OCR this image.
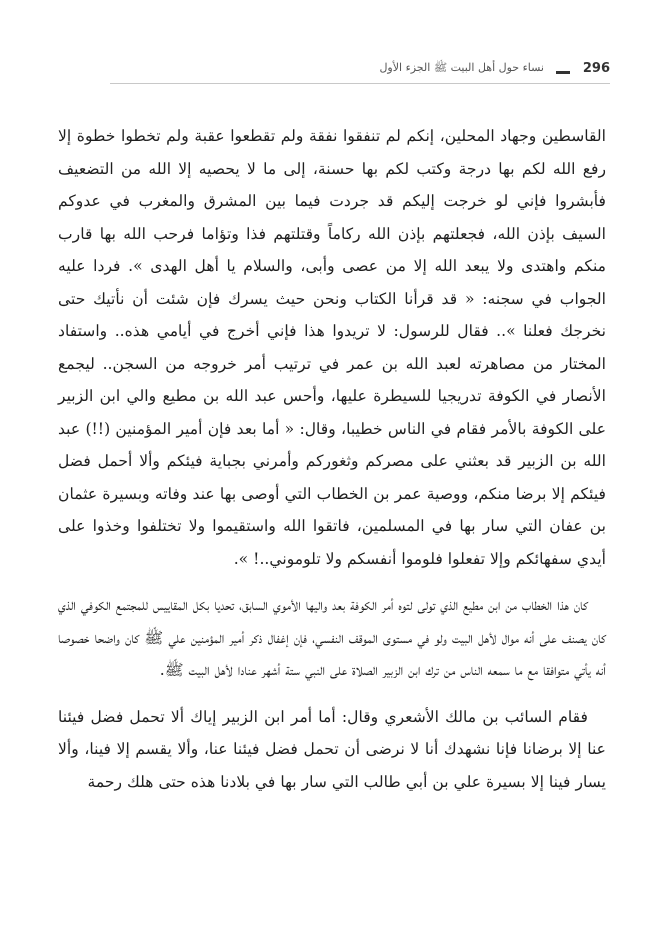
296
نساء حول أهل البيت ﷺ الجزء الأول

القاسطين وجهاد المحلين، إنكم لم تنفقوا نفقة ولم تقطعوا عقبة ولم تخطوا خطوة إلا رفع الله لكم بها درجة وكتب لكم بها حسنة، إلى ما لا يحصيه إلا الله من التضعيف فأبشروا فإني لو خرجت إليكم قد جردت فيما بين المشرق والمغرب في عدوكم السيف بإذن الله، فجعلتهم بإذن الله ركاماً وقتلتهم فذا وتؤاما فرحب الله بها قارب منكم واهتدى ولا يبعد الله إلا من عصى وأبى، والسلام يا أهل الهدى ». فردا عليه الجواب في سجنه: « قد قرأنا الكتاب ونحن حيث يسرك فإن شئت أن نأتيك حتى نخرجك فعلنا ».. فقال للرسول: لا تريدوا هذا فإني أخرج في أيامي هذه.. واستفاد المختار من مصاهرته لعبد الله بن عمر في ترتيب أمر خروجه من السجن.. ليجمع الأنصار في الكوفة تدريجيا للسيطرة عليها، وأحس عبد الله بن مطيع والي ابن الزبير على الكوفة بالأمر فقام في الناس خطيبا، وقال: « أما بعد فإن أمير المؤمنين (!!) عبد الله بن الزبير قد بعثني على مصركم وثغوركم وأمرني بجباية فيئكم وألا أحمل فضل فيئكم إلا برضا منكم، ووصية عمر بن الخطاب التي أوصى بها عند وفاته وبسيرة عثمان بن عفان التي سار بها في المسلمين، فاتقوا الله واستقيموا ولا تختلفوا وخذوا على أيدي سفهائكم وإلا تفعلوا فلوموا أنفسكم ولا تلوموني..! ».

كان هذا الخطاب من ابن مطيع الذي تولى لتوه أمر الكوفة بعد واليها الأموي السابق، تحديا بكل المقاييس للمجتمع الكوفي الذي كان يصنف على أنه موال لأهل البيت ولو في مستوى الموقف النفسي، فإن إغفال ذكر أمير المؤمنين علي ﷺ كان واضحا خصوصا أنه يأتي متوافقا مع ما سمعه الناس من ترك ابن الزبير الصلاة على النبي ستة أشهر عنادا لأهل البيت ﷺ.

فقام السائب بن مالك الأشعري وقال: أما أمر ابن الزبير إياك ألا تحمل فضل فيئنا عنا إلا برضانا فإنا نشهدك أنا لا نرضى أن تحمل فضل فيئنا عنا، وألا يقسم إلا فينا، وألا يسار فينا إلا بسيرة علي بن أبي طالب التي سار بها في بلادنا هذه حتى هلك رحمة
